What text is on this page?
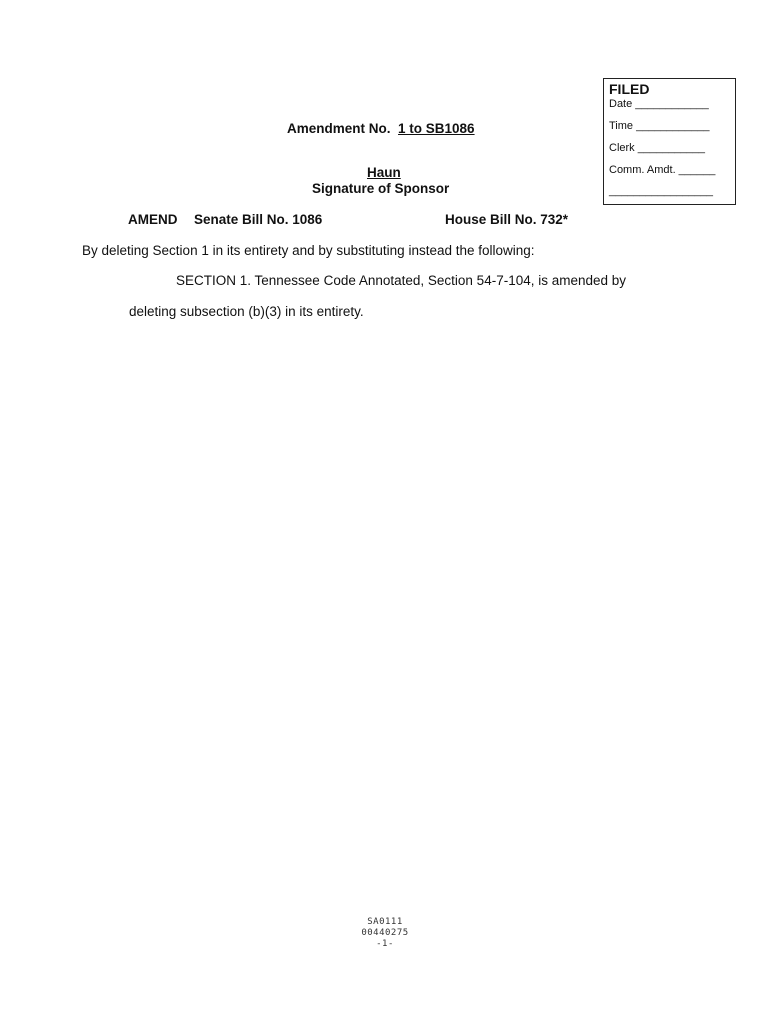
FILED
Date ____________
Time ____________
Clerk ___________
Comm. Amdt. ______
_________________
Amendment No. 1 to SB1086
Haun
Signature of Sponsor
AMEND Senate Bill No. 1086	House Bill No. 732*
By deleting Section 1 in its entirety and by substituting instead the following:
SECTION 1. Tennessee Code Annotated, Section 54-7-104, is amended by
deleting subsection (b)(3) in its entirety.
SA0111
00440275
-1-
